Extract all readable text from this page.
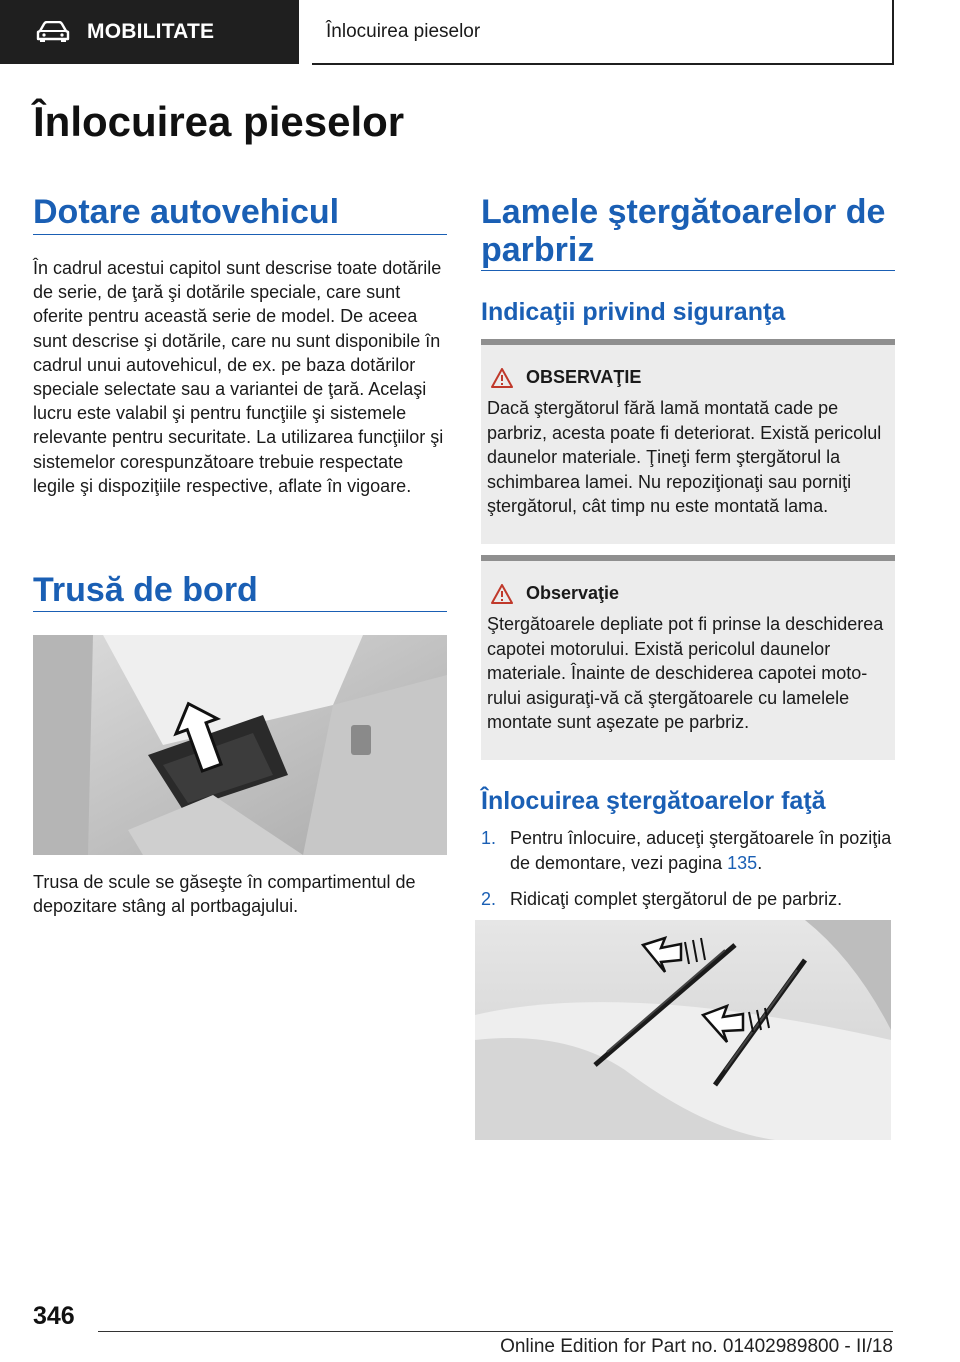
MOBILITATE	Înlocuirea pieselor
Înlocuirea pieselor
Dotare autovehicul

În cadrul acestui capitol sunt descrise toate dotările de serie, de ţară şi dotările speciale, care sunt oferite pentru această serie de model. De aceea sunt descrise şi dotările, care nu sunt disponibile în cadrul unui autovehicul, de ex. pe baza dotărilor speciale selectate sau a variantei de ţară. Acelaşi lucru este valabil şi pentru funcţiile şi sistemele relevante pentru securitate. La utilizarea funcţiilor şi sistemelor corespunzătoare trebuie respectate legile şi dispoziţiile respective, aflate în vigoare.

Trusă de bord

Trusa de scule se găseşte în compartimentul de depozitare stâng al portbagajului.

Lamele ştergătoarelor de parbriz
Indicaţii privind siguranţa
OBSERVAŢIE

Dacă ştergătorul fără lamă montată cade pe parbriz, acesta poate fi deteriorat. Există pericolul daunelor materiale. Ţineţi ferm ştergătorul la schimbarea lamei. Nu repoziţionaţi sau porniţi ştergătorul, cât timp nu este montată lama.

Observaţie

Ştergătoarele depliate pot fi prinse la deschiderea capotei motorului. Există pericolul daunelor materiale. Înainte de deschiderea capotei motorului asiguraţi-vă că ştergătoarele cu lamelele montate sunt aşezate pe parbriz.

Înlocuirea ştergătoarelor faţă
1. Pentru înlocuire, aduceţi ştergătoarele în poziţia de demontare, vezi pagina 135.
2. Ridicaţi complet ştergătorul de pe parbriz.
346
Online Edition for Part no. 01402989800 - II/18
